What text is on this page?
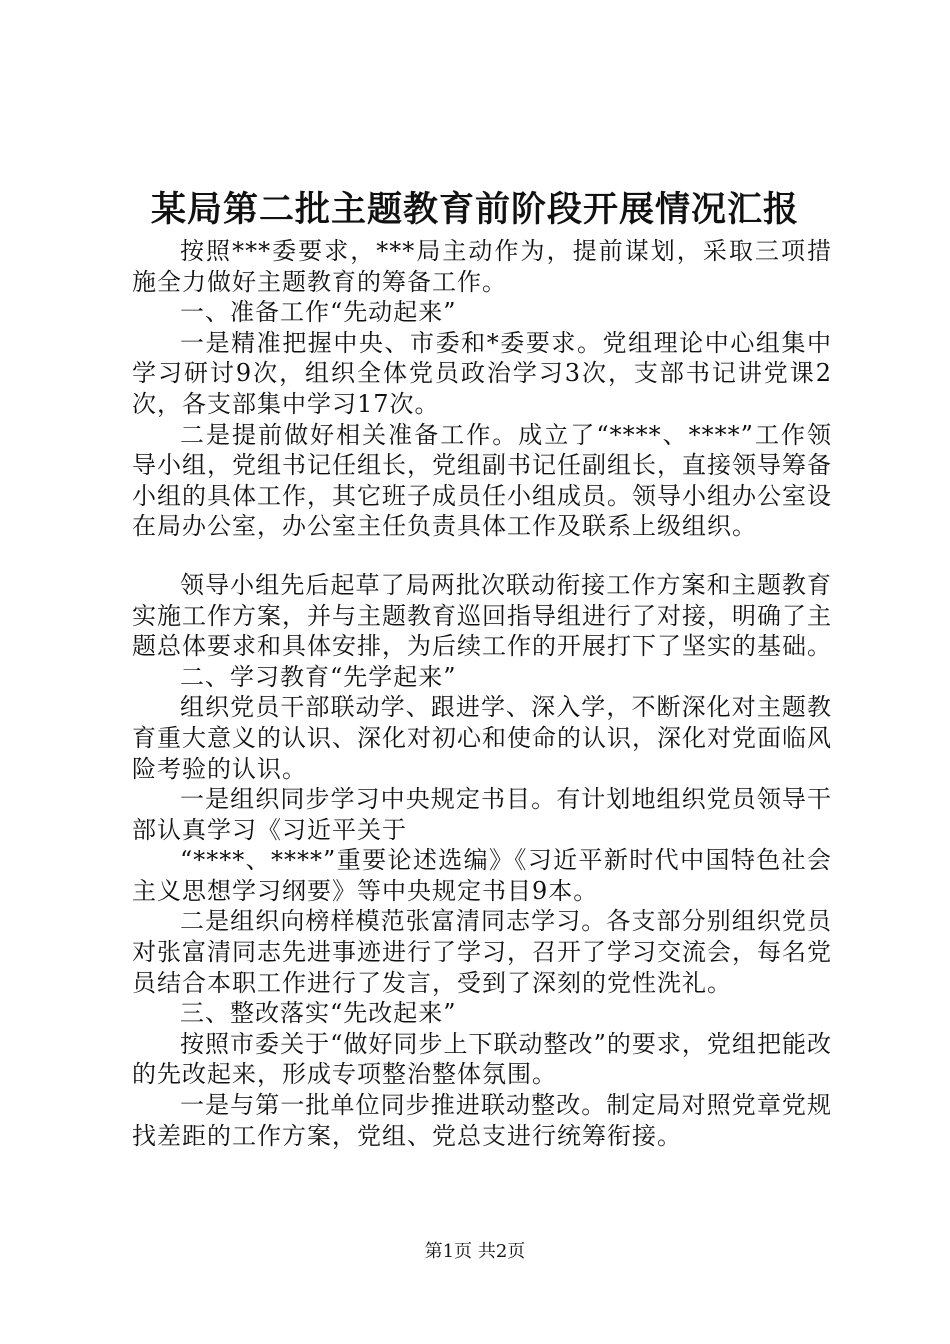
某局第二批主题教育前阶段开展情况汇报

按照***委要求，***局主动作为，提前谋划，采取三项措施全力做好主题教育的筹备工作。

一、准备工作“先动起来”

一是精准把握中央、市委和*委要求。党组理论中心组集中学习研讨9次，组织全体党员政治学习3次，支部书记讲党课2次，各支部集中学习17次。

二是提前做好相关准备工作。成立了“****、****”工作领导小组，党组书记任组长，党组副书记任副组长，直接领导筹备小组的具体工作，其它班子成员任小组成员。领导小组办公室设在局办公室，办公室主任负责具体工作及联系上级组织。

领导小组先后起草了局两批次联动衔接工作方案和主题教育实施工作方案，并与主题教育巡回指导组进行了对接，明确了主题总体要求和具体安排，为后续工作的开展打下了坚实的基础。

二、学习教育“先学起来”

组织党员干部联动学、跟进学、深入学，不断深化对主题教育重大意义的认识、深化对初心和使命的认识，深化对党面临风险考验的认识。

一是组织同步学习中央规定书目。有计划地组织党员领导干部认真学习《习近平关于

“****、****”重要论述选编》《习近平新时代中国特色社会主义思想学习纲要》等中央规定书目9本。

二是组织向榜样模范张富清同志学习。各支部分别组织党员对张富清同志先进事迹进行了学习，召开了学习交流会，每名党员结合本职工作进行了发言，受到了深刻的党性洗礼。

三、整改落实“先改起来”

按照市委关于“做好同步上下联动整改”的要求，党组把能改的先改起来，形成专项整治整体氛围。

一是与第一批单位同步推进联动整改。制定局对照党章党规找差距的工作方案，党组、党总支进行统筹衔接。

第1页 共2页
